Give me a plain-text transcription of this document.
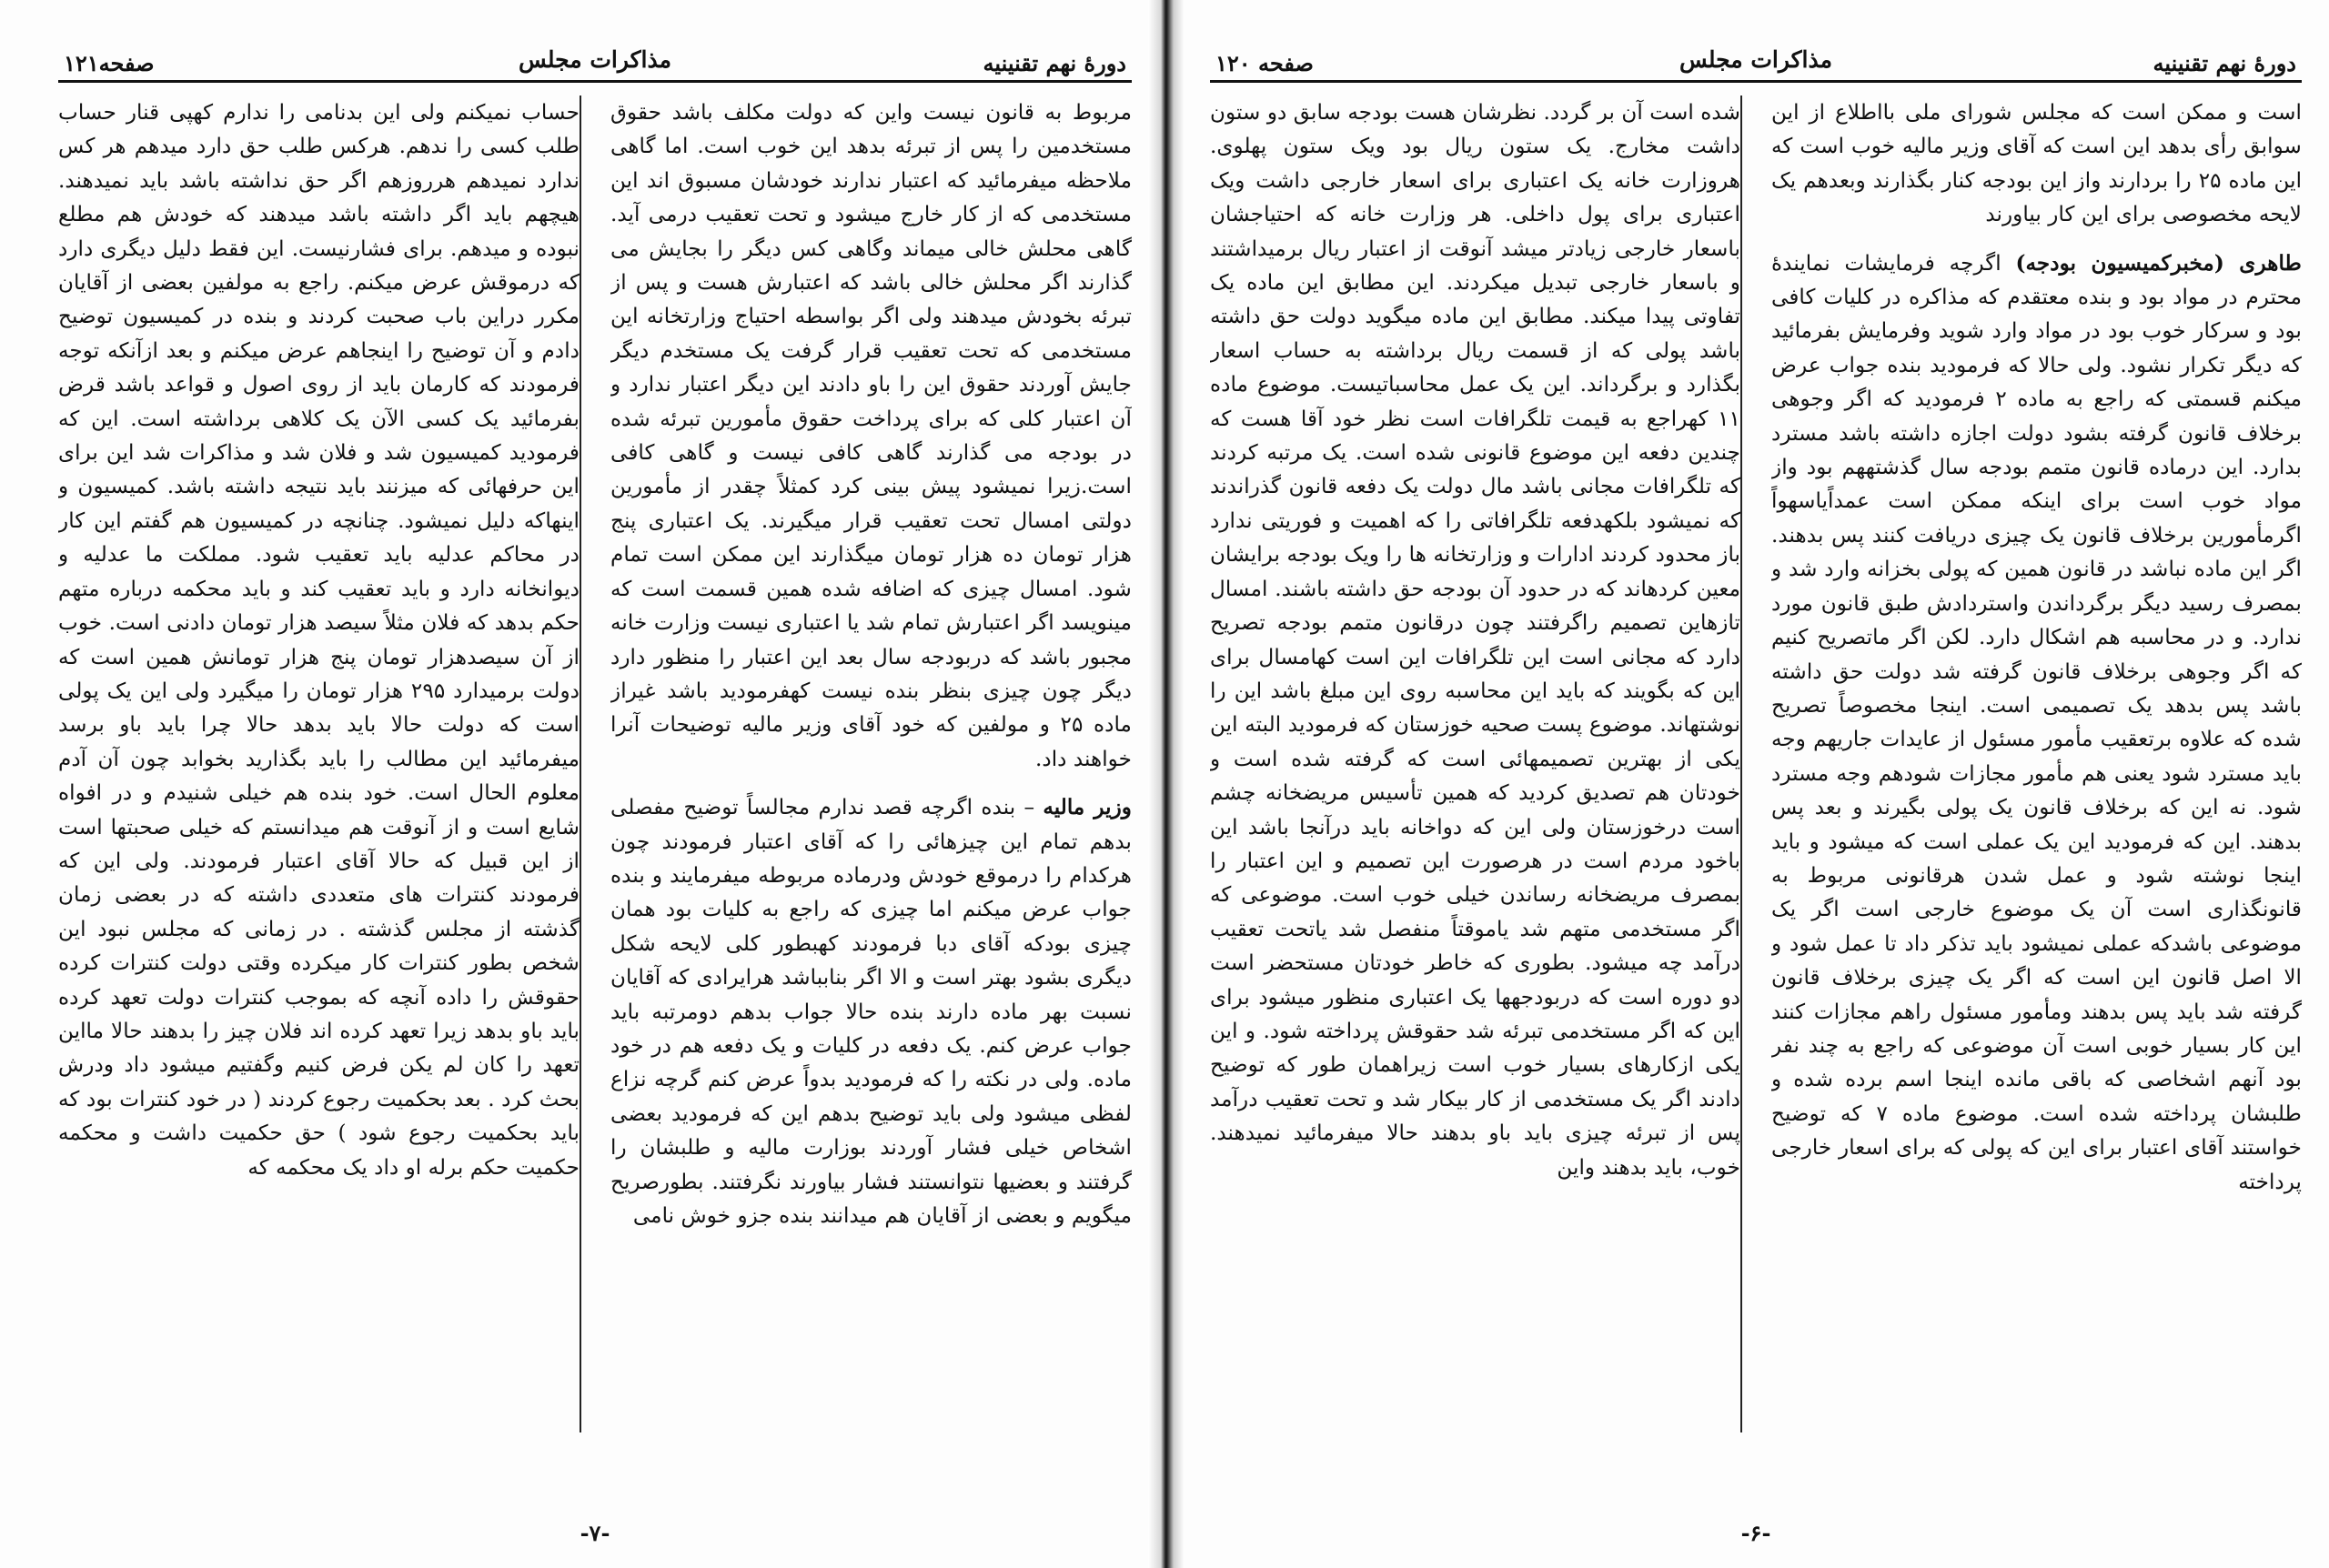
دورهٔ نهم تقنینیه
مذاکرات مجلس
صفحه۱۲۱

مربوط به قانون نیست واین که دولت مکلف باشد حقوق مستخدمین را پس از تبرئه بدهد این خوب است. اما گاهی ملاحظه میفرمائید که اعتبار ندارند خودشان مسبوق اند این مستخدمی که از کار خارج میشود و تحت تعقیب درمی آید. گاهی محلش خالی میماند وگاهی کس دیگر را بجایش می گذارند اگر محلش خالی باشد که اعتبارش هست و پس از تبرئه بخودش میدهند ولی اگر بواسطه احتیاج وزارتخانه این مستخدمی که تحت تعقیب قرار گرفت یک مستخدم دیگر جایش آوردند حقوق این را باو دادند این دیگر اعتبار ندارد و آن اعتبار کلی که برای پرداخت حقوق مأمورین تبرئه شده در بودجه می گذارند گاهی کافی نیست و گاهی کافی است.زیرا نمیشود پیش بینی کرد کمثلاً چقدر از مأمورین دولتی امسال تحت تعقیب قرار میگیرند. یک اعتباری پنج هزار تومان ده هزار تومان میگذارند این ممکن است تمام شود. امسال چیزی که اضافه شده همین قسمت است که مینویسد اگر اعتبارش تمام شد یا اعتباری نیست وزارت خانه مجبور باشد که دربودجه سال بعد این اعتبار را منظور دارد دیگر چون چیزی بنظر بنده نیست کهفرمودید باشد غیراز ماده ۲۵ و مولفین که خود آقای وزیر مالیه توضیحات آنرا خواهند داد.

وزیر مالیه – بنده اگرچه قصد ندارم مجالساً توضیح مفصلی بدهم تمام این چیزهائی را که آقای اعتبار فرمودند چون هرکدام را درموقع خودش ودرماده مربوطه میفرمایند و بنده جواب عرض میکنم اما چیزی که راجع به کلیات بود همان چیزی بودکه آقای دبا فرمودند کهبطور کلی لایحه شکل دیگری بشود بهتر است و الا اگر بنابباشد هرایرادی که آقایان نسبت بهر ماده دارند بنده حالا جواب بدهم دومرتبه باید جواب عرض کنم. یک دفعه در کلیات و یک دفعه هم در خود ماده. ولی در نکته را که فرمودید بدواً عرض کنم گرچه نزاع لفظی میشود ولی باید توضیح بدهم این که فرمودید بعضی اشخاص خیلی فشار آوردند بوزارت مالیه و طلبشان را گرفتند و بعضیها نتوانستند فشار بیاورند نگرفتند. بطورصریح میگویم و بعضی از آقایان هم میدانند بنده جزو خوش نامی

حساب نمیکنم ولی این بدنامی را ندارم کهپی قنار حساب طلب کسی را ندهم. هرکس طلب حق دارد میدهم هر کس ندارد نمیدهم هرروزهم اگر حق نداشته باشد باید نمیدهند. هیچهم باید اگر داشته باشد میدهند که خودش هم مطلع نبوده و میدهم. برای فشارنیست. این فقط دلیل دیگری دارد که درموقش عرض میکنم. راجع به مولفین بعضی از آقایان مکرر دراین باب صحبت کردند و بنده در کمیسیون توضیح دادم و آن توضیح را اینجاهم عرض میکنم و بعد ازآنکه توجه فرمودند که کارمان باید از روی اصول و قواعد باشد قرض بفرمائید یک کسی الآن یک کلاهی برداشته است. این که فرمودید کمیسیون شد و فلان شد و مذاکرات شد این برای این حرفهائی که میزنند باید نتیجه داشته باشد. کمیسیون و اینهاکه دلیل نمیشود. چنانچه در کمیسیون هم گفتم این کار در محاکم عدلیه باید تعقیب شود. مملکت ما عدلیه و دیوانخانه دارد و باید تعقیب کند و باید محکمه درباره متهم حکم بدهد که فلان مثلاً سیصد هزار تومان دادنی است. خوب از آن سیصدهزار تومان پنج هزار تومانش همین است که دولت برمیدارد ۲۹۵ هزار تومان را میگیرد ولی این یک پولی است که دولت حالا باید بدهد حالا چرا باید باو برسد میفرمائید این مطالب را باید بگذارید بخوابد چون آن آدم معلوم الحال است. خود بنده هم خیلی شنیدم و در افواه شایع است و از آنوقت هم میدانستم که خیلی صحبتها است از این قبیل که حالا آقای اعتبار فرمودند. ولی این که فرمودند کنترات های متعددی داشته که در بعضی زمان گذشته از مجلس گذشته . در زمانی که مجلس نبود این شخص بطور کنترات کار میکرده وقتی دولت کنترات کرده حقوقش را داده آنچه که بموجب کنترات دولت تعهد کرده باید باو بدهد زیرا تعهد کرده اند فلان چیز را بدهند حالا مااین تعهد را کان لم یکن فرض کنیم وگفتیم میشود داد ودرش بحث کرد . بعد بحکمیت رجوع کردند ( در خود کنترات بود که باید بحکمیت رجوع شود ) حق حکمیت داشت و محکمه حکمیت حکم برله او داد یک محکمه که

-۷-
دورهٔ نهم تقنینیه
مذاکرات مجلس
صفحه ۱۲۰

است و ممکن است که مجلس شورای ملی بااطلاع از این سوابق رأی بدهد این است که آقای وزیر مالیه خوب است که این ماده ۲۵ را بردارند واز این بودجه کنار بگذارند وبعدهم یک لایحه مخصوصی برای این کار بیاورند

طاهری (مخبرکمیسیون بودجه) اگرچه فرمایشات نمایندهٔ محترم در مواد بود و بنده معتقدم که مذاکره در کلیات کافی بود و سرکار خوب بود در مواد وارد شوید وفرمایش بفرمائید که دیگر تکرار نشود. ولی حالا که فرمودید بنده جواب عرض میکنم قسمتی که راجع به ماده ۲ فرمودید که اگر وجوهی برخلاف قانون گرفته بشود دولت اجازه داشته باشد مسترد بدارد. این درماده قانون متمم بودجه سال گذشتههم بود واز مواد خوب است برای اینکه ممکن است عمداًیاسهواً اگرمأمورین برخلاف قانون یک چیزی دریافت کنند پس بدهند. اگر این ماده نباشد در قانون همین که پولی بخزانه وارد شد و بمصرف رسید دیگر برگرداندن واستردادش طبق قانون مورد ندارد. و در محاسبه هم اشکال دارد. لکن اگر ماتصریح کنیم که اگر وجوهی برخلاف قانون گرفته شد دولت حق داشته باشد پس بدهد یک تصمیمی است. اینجا مخصوصاً تصریح شده که علاوه برتعقیب مأمور مسئول از عایدات جاریهم وجه باید مسترد شود یعنی هم مأمور مجازات شودهم وجه مسترد شود. نه این که برخلاف قانون یک پولی بگیرند و بعد پس بدهند. این که فرمودید این یک عملی است که میشود و باید اینجا نوشته شود و عمل شدن هرقانونی مربوط به قانونگذاری است آن یک موضوع خارجی است اگر یک موضوعی باشدکه عملی نمیشود باید تذکر داد تا عمل شود و الا اصل قانون این است که اگر یک چیزی برخلاف قانون گرفته شد باید پس بدهند ومأمور مسئول راهم مجازات کنند این کار بسیار خوبی است آن موضوعی که راجع به چند نفر بود آنهم اشخاصی که باقی مانده اینجا اسم برده شده و طلبشان پرداخته شده است. موضوع ماده ۷ که توضیح خواستند آقای اعتبار برای این که پولی که برای اسعار خارجی پرداخته

شده است آن بر گردد. نظرشان هست بودجه سابق دو ستون داشت مخارج. یک ستون ریال بود ویک ستون پهلوی. هروزارت خانه یک اعتباری برای اسعار خارجی داشت ویک اعتباری برای پول داخلی. هر وزارت خانه که احتیاجشان باسعار خارجی زیادتر میشد آنوقت از اعتبار ریال برمیداشتند و باسعار خارجی تبدیل میکردند. این مطابق این ماده یک تفاوتی پیدا میکند. مطابق این ماده میگوید دولت حق داشته باشد پولی که از قسمت ریال برداشته به حساب اسعار بگذارد و برگرداند. این یک عمل محاسباتیست. موضوع ماده ۱۱ کهراجع به قیمت تلگرافات است نظر خود آقا هست که چندین دفعه این موضوع قانونی شده است. یک مرتبه کردند که تلگرافات مجانی باشد مال دولت یک دفعه قانون گذراندند که نمیشود بلکهدفعه تلگرافاتی را که اهمیت و فوریتی ندارد باز محدود کردند ادارات و وزارتخانه ها را ویک بودجه برایشان معین کردهاند که در حدود آن بودجه حق داشته باشند. امسال تازهاین تصمیم راگرفتند چون درقانون متمم بودجه تصریح دارد که مجانی است این تلگرافات این است کهامسال برای این که بگویند که باید این محاسبه روی این مبلغ باشد این را نوشتهاند. موضوع پست صحیه خوزستان که فرمودید البته این یکی از بهترین تصمیمهائی است که گرفته شده است و خودتان هم تصدیق کردید که همین تأسیس مریضخانه چشم است درخوزستان ولی این که دواخانه باید درآنجا باشد این باخود مردم است در هرصورت این تصمیم و این اعتبار را بمصرف مریضخانه رساندن خیلی خوب است. موضوعی که اگر مستخدمی متهم شد یاموقتاً منفصل شد یاتحت تعقیب درآمد چه میشود. بطوری که خاطر خودتان مستحضر است دو دوره است که دربودجهها یک اعتباری منظور میشود برای این که اگر مستخدمی تبرئه شد حقوقش پرداخته شود. و این یکی ازکارهای بسیار خوب است زیراهمان طور که توضیح دادند اگر یک مستخدمی از کار بیکار شد و تحت تعقیب درآمد پس از تبرئه چیزی باید باو بدهند حالا میفرمائید نمیدهند. خوب، باید بدهند واین

-۶-
